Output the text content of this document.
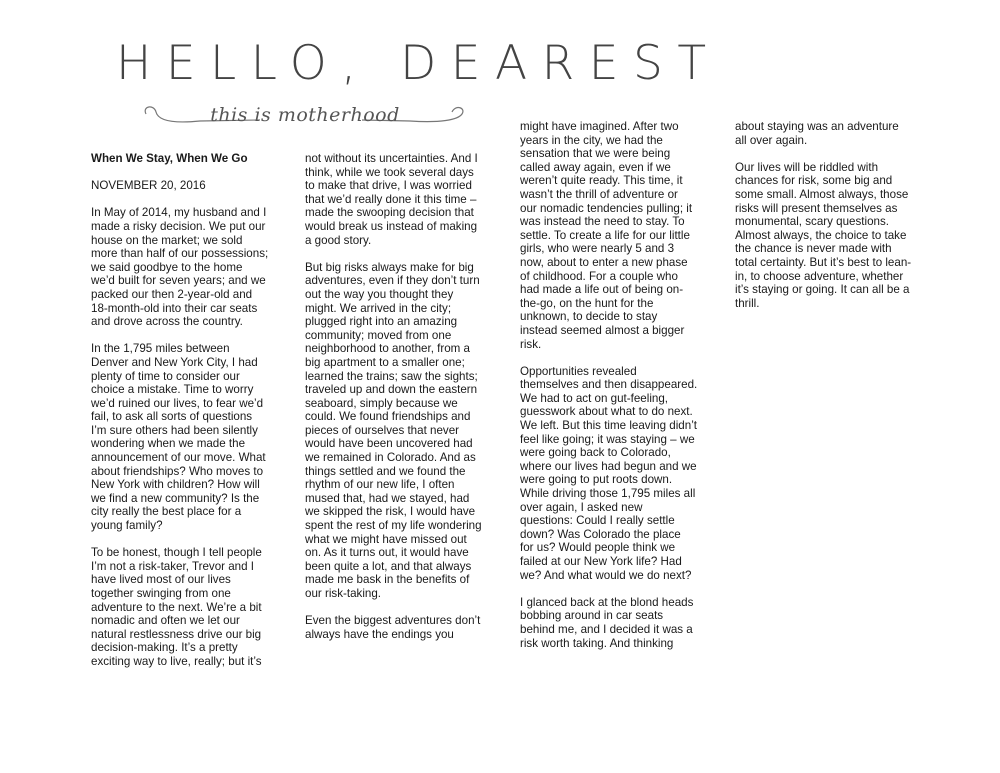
HELLO, DEAREST
this is motherhood

When We Stay, When We Go

NOVEMBER 20, 2016

In May of 2014, my husband and I
made a risky decision. We put our
house on the market; we sold
more than half of our possessions;
we said goodbye to the home
we’d built for seven years; and we
packed our then 2-year-old and
18-month-old into their car seats
and drove across the country.

In the 1,795 miles between
Denver and New York City, I had
plenty of time to consider our
choice a mistake. Time to worry
we’d ruined our lives, to fear we’d
fail, to ask all sorts of questions
I’m sure others had been silently
wondering when we made the
announcement of our move. What
about friendships? Who moves to
New York with children? How will
we find a new community? Is the
city really the best place for a
young family?

To be honest, though I tell people
I’m not a risk-taker, Trevor and I
have lived most of our lives
together swinging from one
adventure to the next. We’re a bit
nomadic and often we let our
natural restlessness drive our big
decision-making. It’s a pretty
exciting way to live, really; but it’s

not without its uncertainties. And I
think, while we took several days
to make that drive, I was worried
that we’d really done it this time –
made the swooping decision that
would break us instead of making
a good story.

But big risks always make for big
adventures, even if they don’t turn
out the way you thought they
might. We arrived in the city;
plugged right into an amazing
community; moved from one
neighborhood to another, from a
big apartment to a smaller one;
learned the trains; saw the sights;
traveled up and down the eastern
seaboard, simply because we
could. We found friendships and
pieces of ourselves that never
would have been uncovered had
we remained in Colorado. And as
things settled and we found the
rhythm of our new life, I often
mused that, had we stayed, had
we skipped the risk, I would have
spent the rest of my life wondering
what we might have missed out
on. As it turns out, it would have
been quite a lot, and that always
made me bask in the benefits of
our risk-taking.

Even the biggest adventures don’t
always have the endings you

might have imagined. After two
years in the city, we had the
sensation that we were being
called away again, even if we
weren’t quite ready. This time, it
wasn’t the thrill of adventure or
our nomadic tendencies pulling; it
was instead the need to stay. To
settle. To create a life for our little
girls, who were nearly 5 and 3
now, about to enter a new phase
of childhood. For a couple who
had made a life out of being on-
the-go, on the hunt for the
unknown, to decide to stay
instead seemed almost a bigger
risk.

Opportunities revealed
themselves and then disappeared.
We had to act on gut-feeling,
guesswork about what to do next.
We left. But this time leaving didn’t
feel like going; it was staying – we
were going back to Colorado,
where our lives had begun and we
were going to put roots down.
While driving those 1,795 miles all
over again, I asked new
questions: Could I really settle
down? Was Colorado the place
for us? Would people think we
failed at our New York life? Had
we? And what would we do next?

I glanced back at the blond heads
bobbing around in car seats
behind me, and I decided it was a
risk worth taking. And thinking

about staying was an adventure
all over again.

Our lives will be riddled with
chances for risk, some big and
some small. Almost always, those
risks will present themselves as
monumental, scary questions.
Almost always, the choice to take
the chance is never made with
total certainty. But it’s best to lean-
in, to choose adventure, whether
it’s staying or going. It can all be a
thrill.
